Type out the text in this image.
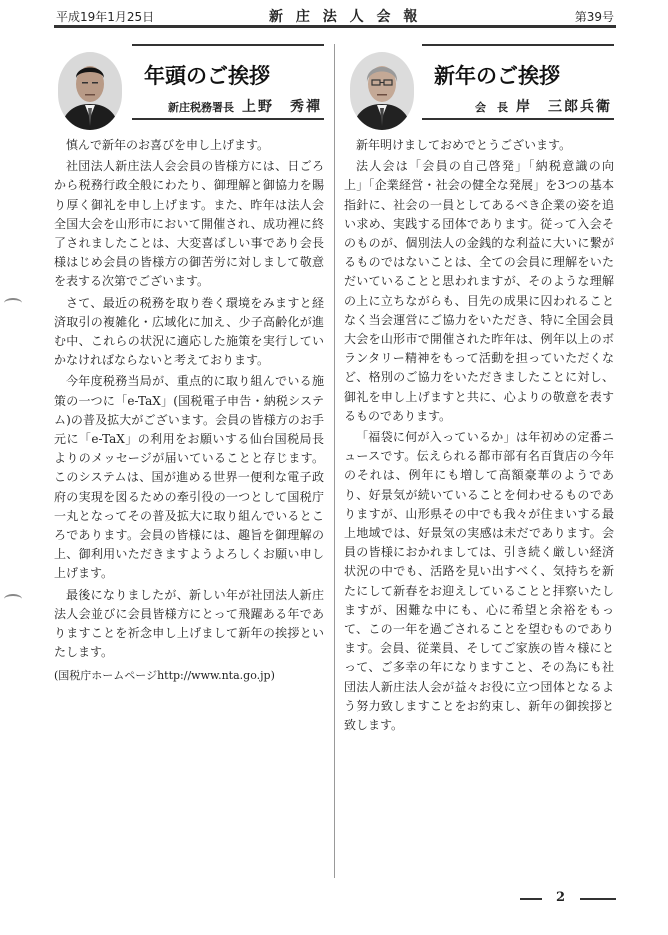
平成19年1月25日	新 庄 法 人 会 報	第39号
年頭のご挨拶
新庄税務署長 上野　秀禪

慎んで新年のお喜びを申し上げます。

社団法人新庄法人会会員の皆様方には、日ごろから税務行政全般にわたり、御理解と御協力を賜り厚く御礼を申し上げます。また、昨年は法人会全国大会を山形市において開催され、成功裡に終了されましたことは、大変喜ばしい事であり会長様はじめ会員の皆様方の御苦労に対しまして敬意を表する次第でございます。

さて、最近の税務を取り巻く環境をみますと経済取引の複雑化・広域化に加え、少子高齢化が進む中、これらの状況に適応した施策を実行していかなければならないと考えております。

今年度税務当局が、重点的に取り組んでいる施策の一つに「e-TaX」(国税電子申告・納税システム)の普及拡大がございます。会員の皆様方のお手元に「e-TaX」の利用をお願いする仙台国税局長よりのメッセージが届いていることと存じます。このシステムは、国が進める世界一便利な電子政府の実現を図るための牽引役の一つとして国税庁一丸となってその普及拡大に取り組んでいるところであります。会員の皆様には、趣旨を御理解の上、御利用いただきますようよろしくお願い申し上げます。

最後になりましたが、新しい年が社団法人新庄法人会並びに会員皆様方にとって飛躍ある年でありますことを祈念申し上げまして新年の挨拶といたします。

(国税庁ホームページhttp://www.nta.go.jp)

新年のご挨拶
会　長 岸　三郎兵衛

新年明けましておめでとうございます。

法人会は「会員の自己啓発」「納税意識の向上」「企業経営・社会の健全な発展」を3つの基本指針に、社会の一員としてあるべき企業の姿を追い求め、実践する団体であります。従って入会そのものが、個別法人の金銭的な利益に大いに繋がるものではないことは、全ての会員に理解をいただいていることと思われますが、そのような理解の上に立ちながらも、目先の成果に囚われることなく当会運営にご協力をいただき、特に全国会員大会を山形市で開催された昨年は、例年以上のボランタリー精神をもって活動を担っていただくなど、格別のご協力をいただきましたことに対し、御礼を申し上げますと共に、心よりの敬意を表するものであります。

「福袋に何が入っているか」は年初めの定番ニュースです。伝えられる都市部有名百貨店の今年のそれは、例年にも増して高額豪華のようであり、好景気が続いていることを伺わせるものでありますが、山形県その中でも我々が住まいする最上地域では、好景気の実感は未だであります。会員の皆様におかれましては、引き続く厳しい経済状況の中でも、活路を見い出すべく、気持ちを新たにして新春をお迎えしていることと拝察いたしますが、困難な中にも、心に希望と余裕をもって、この一年を過ごされることを望むものであります。会員、従業員、そしてご家族の皆々様にとって、ご多幸の年になりますこと、その為にも社団法人新庄法人会が益々お役に立つ団体となるよう努力致しますことをお約束し、新年の御挨拶と致します。

2
